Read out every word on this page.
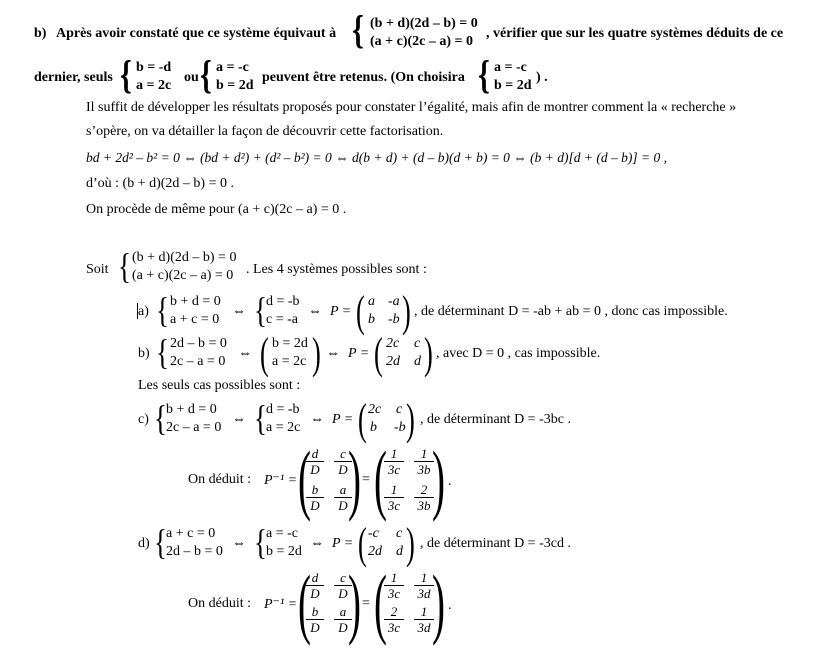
b) Après avoir constaté que ce système équivaut à { (b + d)(2d – b) = 0
(a + c)(2c – a) = 0
, vérifier que sur les quatre systèmes déduits de ce
dernier, seuls { b = -d
a = 2c
ou { a = -c
b = 2d
peuvent être retenus. (On choisira { a = -c
b = 2d
) .
Il suffit de développer les résultats proposés pour constater l’égalité, mais afin de montrer comment la « recherche »
s’opère, on va détailler la façon de découvrir cette factorisation.
bd + 2d² – b² = 0 ⇔ (bd + d²) + (d² – b²) = 0 ⇔ d(b + d) + (d – b)(d + b) = 0 ⇔ (b + d)[d + (d – b)] = 0 ,
d’où : (b + d)(2d – b) = 0 .
On procède de même pour (a + c)(2c – a) = 0 .
Soit { (b + d)(2d – b) = 0
(a + c)(2c – a) = 0 . Les 4 systèmes possibles sont :
a) { b + d = 0
a + c = 0
⇔ { d = -b
c = -a
⇔ P = ( a -a
b -b ) , de déterminant D = -ab + ab = 0 , donc cas impossible.
b) { 2d – b = 0
2c – a = 0
⇔ ( b = 2d
a = 2c ) ⇔ P = ( 2c c
2d d ) , avec D = 0 , cas impossible.
Les seuls cas possibles sont :
c) { b + d = 0
2c – a = 0
⇔ { d = -b
a = 2c
⇔ P = ( 2c c
b -b ) , de déterminant D = -3bc .
On déduit : P⁻¹ = (
$\frac{d}{D} \frac{c}{D}$
$\frac{b}{D} \frac{a}{D}$
) = (
$\frac{1}{3c} \frac{1}{3b}$
$\frac{1}{3c} \frac{2}{3b}$
) .
d) { a + c = 0
2d – b = 0
⇔ { a = -c
b = 2d
⇔ P = ( -c c
2d d ) , de déterminant D = -3cd .
On déduit : P⁻¹ = (
$\frac{d}{D} \frac{c}{D}$
$\frac{b}{D} \frac{a}{D}$
) = (
$\frac{1}{3c} \frac{1}{3d}$
$\frac{2}{3c} \frac{1}{3d}$
) .
